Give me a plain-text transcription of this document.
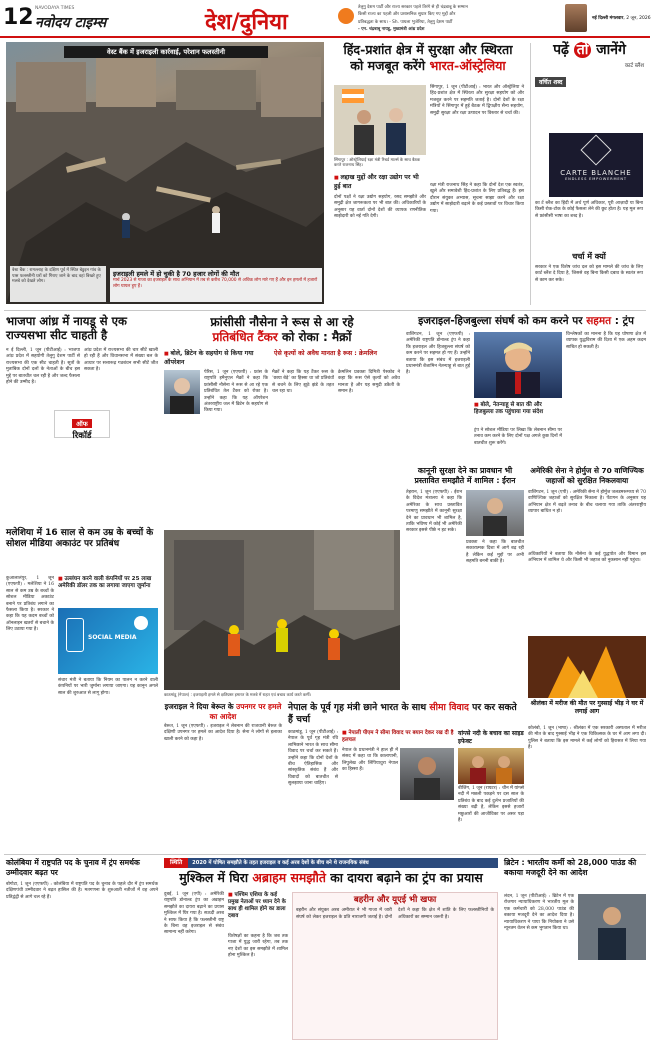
12 NAVODAYA TIMES
नवोदय टाइम्स	देश/दुनिया
तेलुगु देशम पार्टी और राज्य सरकार पहले तिरंगे से ही चंद्रबाबू के सम्मान
किसी राज्य का पहली और प्रशासनिक सुधार किए गए मुद्दों और
प्रतिबद्धता के साथ। - Sh. पायला भुजेरिया, तेलुगु देशम पार्टी
- एन. चंद्रबाबू नायडू, मुख्यमंत्री आंध्र प्रदेश
नई दिल्ली मंगलवार, 2 जून, 2026
वेस्ट बैंक में इजराइली कार्रवाई, परेशान फलस्तीनी
वेस्ट बैंक : रामल्लाह के दक्षिण पूर्व में स्थित बेडुइन गांव के पास फलस्तीनी घरों को गिराए जाने के बाद वहां बिखरे हुए मलबे को देखते लोग।
इजराइली हमले में हो चुकी है 70 हजार लोगों की मौत
मार्च 2023 से गाजा का इजराइल के साथ अभियान में तब से करीब 70,000 से अधिक लोग मारे गए हैं और इन हमलों में हजारों लोग घायल हुए हैं।
हिंद-प्रशांत क्षेत्र में सुरक्षा और स्थिरता
को मजबूत करेंगे भारत-ऑस्ट्रेलिया
सिंगापुर, 1 जून (पीटीआई) : भारत और ऑस्ट्रेलिया ने हिंद-प्रशांत क्षेत्र में स्थिरता और सुरक्षा सहयोग को और मजबूत करने पर सहमति जताई है। दोनों देशों के रक्षा मंत्रियों ने सिंगापुर में हुई बैठक में द्विपक्षीय सैन्य सहयोग, समुद्री सुरक्षा और रक्षा उत्पादन पर विस्तार से चर्चा की।
सिंगापुर : ऑस्ट्रेलियाई रक्षा मंत्री रिचर्ड मार्ल्स के साथ बैठक करते राजनाथ सिंह।
■ लद्दाख मुद्दों और रक्षा उद्योग पर भी हुई बात	रक्षा मंत्री राजनाथ सिंह ने कहा कि दोनों देश एक स्वतंत्र, खुले और समावेशी हिंद-प्रशांत के लिए प्रतिबद्ध हैं। इस दौरान संयुक्त अभ्यास, सूचना साझा करने और रक्षा उद्योग में साझेदारी बढ़ाने के कई प्रस्तावों पर विचार किया गया।
दोनों पक्षों ने रक्षा उद्योग सहयोग, रसद समझौते और समुद्री क्षेत्र जागरूकता पर भी बात की। अधिकारियों के अनुसार यह वार्ता दोनों देशों की व्यापक रणनीतिक साझेदारी को नई गति देगी।
पढ़ें तो जानेंगे
कार्ट ब्लैंश
वर्चित शब्द
CARTE BLANCHE
ENDLESS EMPOWERMENT
का र्ट ब्लैंश का हिंदी में अर्थ पूर्ण अधिकार, पूरी आज़ादी या बिना किसी रोक-टोक के कोई फैसला लेने की छूट होता है। यह मूल रूप से फ्रांसीसी भाषा का शब्द है।
चर्चा में क्यों
सरकार ने एक विशेष जांच दल को इस मामले की जांच के लिए कार्ट ब्लैंश दे दिया है, जिससे वह बिना किसी दबाव के स्वतंत्र रूप से काम कर सके।
भाजपा आंध्र में नायडू से एक राज्यसभा सीट चाहती है
न ई दिल्ली, 1 जून (पीटीआई) : भाजपा आंध्र प्रदेश में सहयोगी तेलुगु देशम पार्टी से राज्यसभा की एक सीट चाहती है। सूत्रों के मुताबिक दोनों दलों के नेताओं के बीच इस मुद्दे पर बातचीत चल रही है और जल्द फैसला होने की उम्मीद है।
आंध्र प्रदेश में राज्यसभा की चार सीटें खाली हो रही हैं और विधानसभा में संख्या बल के आधार पर सत्तारूढ़ गठबंधन सभी सीटें जीत सकता है।
ऑफ
रिकॉर्ड
फ्रांसीसी नौसेना ने रूस से आ रहे
प्रतिबंधित टैंकर को रोका : मैक्रों
■ बोले, ब्रिटेन के सहयोग से किया गया ऑपरेशन
ऐसे कृत्यों को अवैध मानता है रूस : क्रेमलिन
पेरिस, 1 जून (एएफपी) : फ्रांस के राष्ट्रपति इमैनुएल मैक्रों ने कहा कि फ्रांसीसी नौसेना ने रूस से आ रहे एक प्रतिबंधित तेल टैंकर को रोका है। उन्होंने कहा कि यह ऑपरेशन अंतरराष्ट्रीय जल में ब्रिटेन के सहयोग से किया गया।
मैक्रों ने कहा कि यह टैंकर रूस के ‘छाया बेड़े’ का हिस्सा था जो प्रतिबंधों से बचने के लिए झूठे झंडे के तहत चल रहा था।
क्रेमलिन प्रवक्ता दिमित्री पेस्कोव ने कहा कि रूस ऐसे कृत्यों को अवैध मानता है और यह समुद्री डकैती के समान है।
इजराइल-हिजबुल्ला संघर्ष को कम करने पर सहमत : ट्रंप
वाशिंगटन, 1 जून (एएफपी) : अमेरिकी राष्ट्रपति डोनाल्ड ट्रंप ने कहा कि इजराइल और हिजबुल्ला संघर्ष को कम करने पर सहमत हो गए हैं। उन्होंने बताया कि इस संबंध में इजराइली प्रधानमंत्री बेंजामिन नेतन्याहू से बात हुई है।
■ बोले, नेतन्याहू से बात की और हिजबुल्ला तक पहुंचाया गया संदेश
ट्रंप ने सोशल मीडिया पर लिखा कि लेबनान सीमा पर तनाव कम करने के लिए दोनों पक्ष अगले कुछ दिनों में बातचीत शुरू करेंगे।
विश्लेषकों का मानना है कि यह घोषणा क्षेत्र में व्यापक युद्धविराम की दिशा में एक अहम कदम साबित हो सकती है।
कानूनी सुरक्षा देने का प्रावधान भी प्रस्तावित समझौते में शामिल : ईरान
तेहरान, 1 जून (एएफपी) : ईरान के विदेश मंत्रालय ने कहा कि अमेरिका के साथ प्रस्तावित परमाणु समझौते में कानूनी सुरक्षा देने का प्रावधान भी शामिल है, ताकि भविष्य में कोई भी अमेरिकी सरकार इससे पीछे न हट सके।
प्रवक्ता ने कहा कि बातचीत सकारात्मक दिशा में आगे बढ़ रही है लेकिन कई मुद्दों पर अभी सहमति बननी बाकी है।
अमेरिकी सेना ने होर्मुज से 70 वाणिज्यिक जहाजों को सुरक्षित निकलवाया
वाशिंगटन, 1 जून (एपी) : अमेरिकी सेना ने होर्मुज जलडमरूमध्य से 70 वाणिज्यिक जहाजों को सुरक्षित निकाला है। पेंटागन के अनुसार यह अभियान क्षेत्र में बढ़ते तनाव के बीच चलाया गया ताकि अंतरराष्ट्रीय व्यापार बाधित न हो।
अधिकारियों ने बताया कि नौसेना के कई युद्धपोत और विमान इस अभियान में शामिल थे और किसी भी जहाज को नुकसान नहीं पहुंचा।
काठमांडू (नेपाल) : इजराइली हमले से क्षतिग्रस्त इमारत के मलबे में राहत एवं बचाव कार्य करते कर्मी।
श्रीलंका में मरीज की मौत पर गुस्साई भीड़ ने घर में लगाई आग
कोलंबो, 1 जून (भाषा) : श्रीलंका में एक सरकारी अस्पताल में मरीज की मौत के बाद गुस्साई भीड़ ने एक चिकित्सक के घर में आग लगा दी। पुलिस ने बताया कि इस मामले में कई लोगों को हिरासत में लिया गया है।
मलेशिया में 16 साल से कम उम्र के बच्चों के सोशल मीडिया अकाउंट पर प्रतिबंध
कुआलालंपुर, 1 जून (एएफपी) : मलेशिया ने 16 साल से कम उम्र के बच्चों के सोशल मीडिया अकाउंट बनाने पर प्रतिबंध लगाने का फैसला किया है। सरकार ने कहा कि यह कदम बच्चों को ऑनलाइन खतरों से बचाने के लिए उठाया गया है।
■ उल्लंघन करने वाली कंपनियों पर 25 लाख अमेरिकी डॉलर तक का लगाया जाएगा जुर्माना
SOCIAL MEDIA
संचार मंत्री ने बताया कि नियम का पालन न करने वाली कंपनियों पर भारी जुर्माना लगाया जाएगा। यह कानून अगले साल की शुरुआत से लागू होगा।
इजराइल ने दिया बेरूत के उपनगर पर हमले का आदेश
बेरूत, 1 जून (एएफपी) : इजराइल ने लेबनान की राजधानी बेरूत के दक्षिणी उपनगर पर हमले का आदेश दिया है। सेना ने लोगों से इलाका खाली करने को कहा है।
नेपाल के पूर्व गृह मंत्री छाने भारत के साथ सीमा विवाद पर कर सकते हैं चर्चा
काठमांडू, 1 जून (पीटीआई) : नेपाल के पूर्व गृह मंत्री रवि लामिछाने भारत के साथ सीमा विवाद पर चर्चा कर सकते हैं। उन्होंने कहा कि दोनों देशों के बीच ऐतिहासिक और सांस्कृतिक संबंध हैं और विवादों को बातचीत से सुलझाया जाना चाहिए।
■ नेपाली पीएम ने सीमा विवाद पर बयान देकर रख दी है हलचल
नेपाल के प्रधानमंत्री ने हाल ही में संसद में कहा था कि कालापानी, लिपुलेख और लिंपियाधुरा नेपाल का हिस्सा हैं।
यांग्त्से नदी के बचाव का साइड इफेक्ट
बीजिंग, 1 जून (रायटर) : चीन में यांग्त्से नदी में मछली पकड़ने पर दस साल के प्रतिबंध के बाद कई दुर्लभ प्रजातियों की संख्या बढ़ी है, लेकिन इससे हजारों मछुआरों की आजीविका पर असर पड़ा है।
कोलंबिया में राष्ट्रपति पद के चुनाव में ट्रंप समर्थक उम्मीदवार बढ़त पर
बोगोटा, 1 जून (एएफपी) : कोलंबिया में राष्ट्रपति पद के चुनाव के पहले दौर में ट्रंप समर्थक दक्षिणपंथी उम्मीदवार ने बढ़त हासिल की है। मतगणना के शुरुआती नतीजों में वह अपने प्रतिद्वंद्वी से आगे चल रहे हैं।
स्थिति	2020 में घोषित समझौते के तहत इजराइल व कई अरब देशों के बीच बने थे राजनयिक संबंध
मुश्किल में घिरा अब्राहम समझौते का दायरा बढ़ाने का ट्रंप का प्रयास
दुबई, 1 जून (एपी) : अमेरिकी राष्ट्रपति डोनाल्ड ट्रंप का अब्राहम समझौते का दायरा बढ़ाने का प्रयास मुश्किल में घिर गया है। सऊदी अरब ने साफ किया है कि फलस्तीनी राष्ट्र के बिना वह इजराइल से संबंध सामान्य नहीं करेगा।
■ पश्चिम एशिया के कई प्रमुख नेताओं पर ध्यान देने के साथ ही शामिल होने का डाला दबाव
विशेषज्ञों का कहना है कि जब तक गाजा में युद्ध जारी रहेगा, तब तक नए देशों का इस समझौते में शामिल होना मुश्किल है।
बहरीन और यूएई भी खफा
बहरीन और संयुक्त अरब अमीरात ने भी गाजा में जारी संघर्ष को लेकर इजराइल के प्रति नाराजगी जताई है। दोनों देशों ने कहा कि क्षेत्र में शांति के लिए फलस्तीनियों के अधिकारों का सम्मान जरूरी है।
ब्रिटेन : भारतीय कर्मी को 28,000 पाउंड की बकाया मजदूरी देने का आदेश
लंदन, 1 जून (पीटीआई) : ब्रिटेन में एक रोजगार न्यायाधिकरण ने भारतीय मूल के एक कर्मचारी को 28,000 पाउंड की बकाया मजदूरी देने का आदेश दिया है। न्यायाधिकरण ने पाया कि नियोक्ता ने उसे न्यूनतम वेतन से कम भुगतान किया था।
